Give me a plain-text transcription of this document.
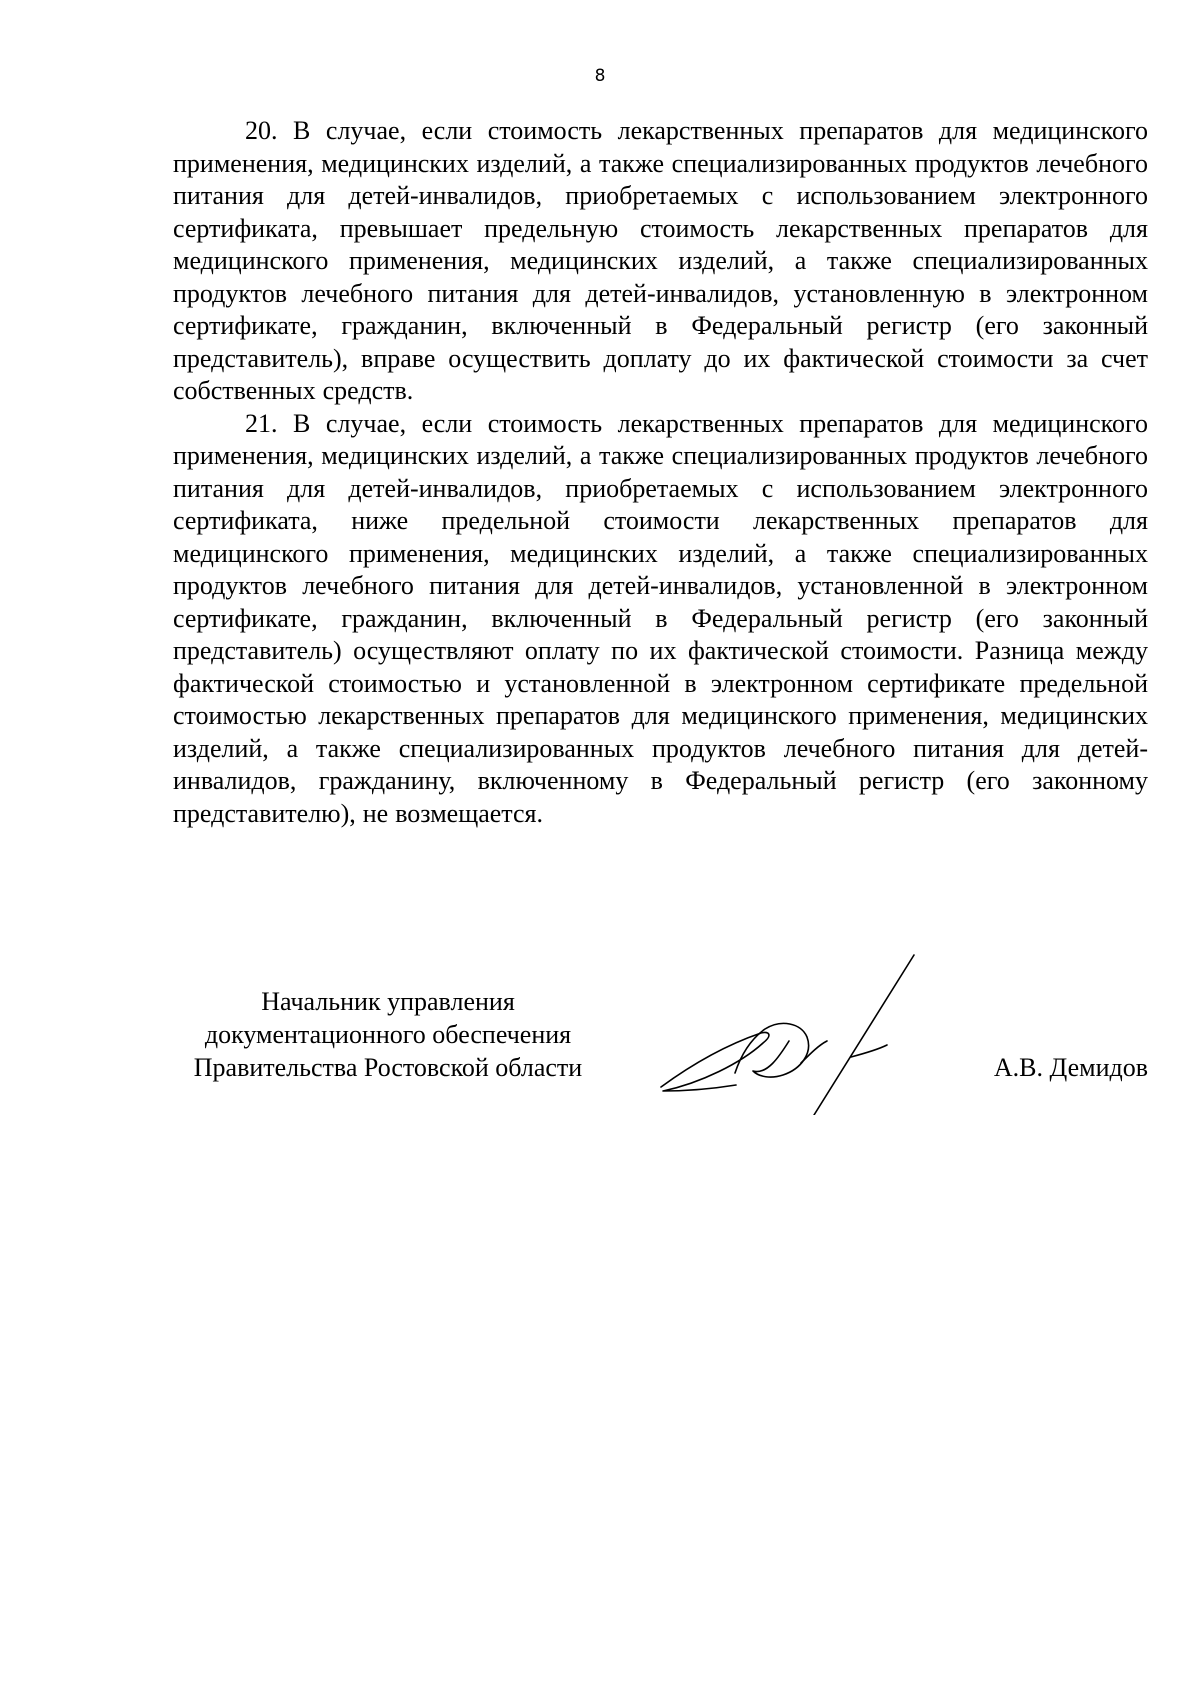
8

20. В случае, если стоимость лекарственных препаратов для медицинского применения, медицинских изделий, а также специализированных продуктов лечебного питания для детей-инвалидов, приобретаемых с использованием электронного сертификата, превышает предельную стоимость лекарственных препаратов для медицинского применения, медицинских изделий, а также специализированных продуктов лечебного питания для детей-инвалидов, установленную в электронном сертификате, гражданин, включенный в Федеральный регистр (его законный представитель), вправе осуществить доплату до их фактической стоимости за счет собственных средств.

21. В случае, если стоимость лекарственных препаратов для медицинского применения, медицинских изделий, а также специализированных продуктов лечебного питания для детей-инвалидов, приобретаемых с использованием электронного сертификата, ниже предельной стоимости лекарственных препаратов для медицинского применения, медицинских изделий, а также специализированных продуктов лечебного питания для детей-инвалидов, установленной в электронном сертификате, гражданин, включенный в Федеральный регистр (его законный представитель) осуществляют оплату по их фактической стоимости. Разница между фактической стоимостью и установленной в электронном сертификате предельной стоимостью лекарственных препаратов для медицинского применения, медицинских изделий, а также специализированных продуктов лечебного питания для детей-инвалидов, гражданину, включенному в Федеральный регистр (его законному представителю), не возмещается.

Начальник управления
документационного обеспечения
Правительства Ростовской области	А.В. Демидов
